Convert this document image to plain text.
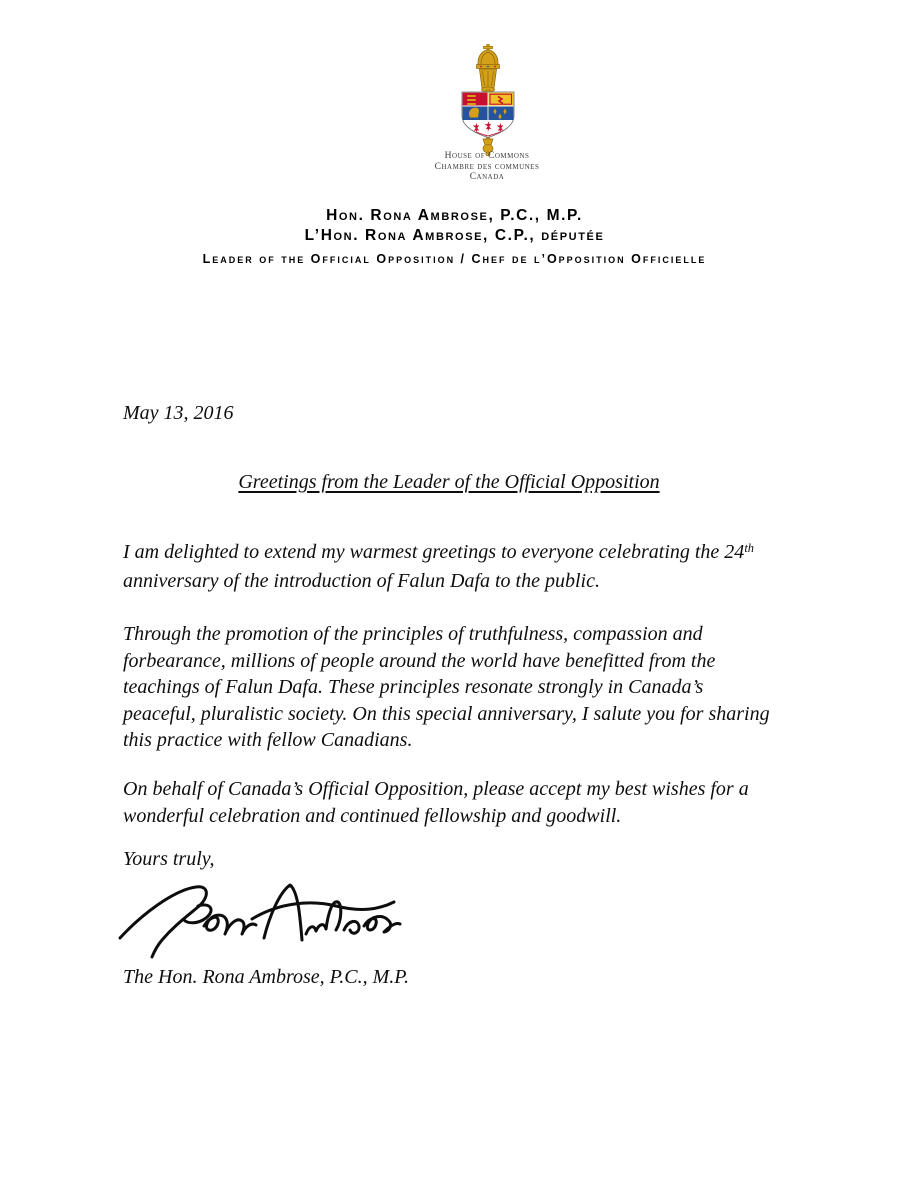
House of Commons
Chambre des communes
Canada
Hon. Rona Ambrose, P.C., M.P.
L’Hon. Rona Ambrose, C.P., députée
Leader of the Official Opposition / Chef de l’Opposition Officielle

May 13, 2016

Greetings from the Leader of the Official Opposition

I am delighted to extend my warmest greetings to everyone celebrating the 24th anniversary of the introduction of Falun Dafa to the public.

Through the promotion of the principles of truthfulness, compassion and forbearance, millions of people around the world have benefitted from the teachings of Falun Dafa. These principles resonate strongly in Canada’s peaceful, pluralistic society. On this special anniversary, I salute you for sharing this practice with fellow Canadians.

On behalf of Canada’s Official Opposition, please accept my best wishes for a wonderful celebration and continued fellowship and goodwill.

Yours truly,

The Hon. Rona Ambrose, P.C., M.P.
